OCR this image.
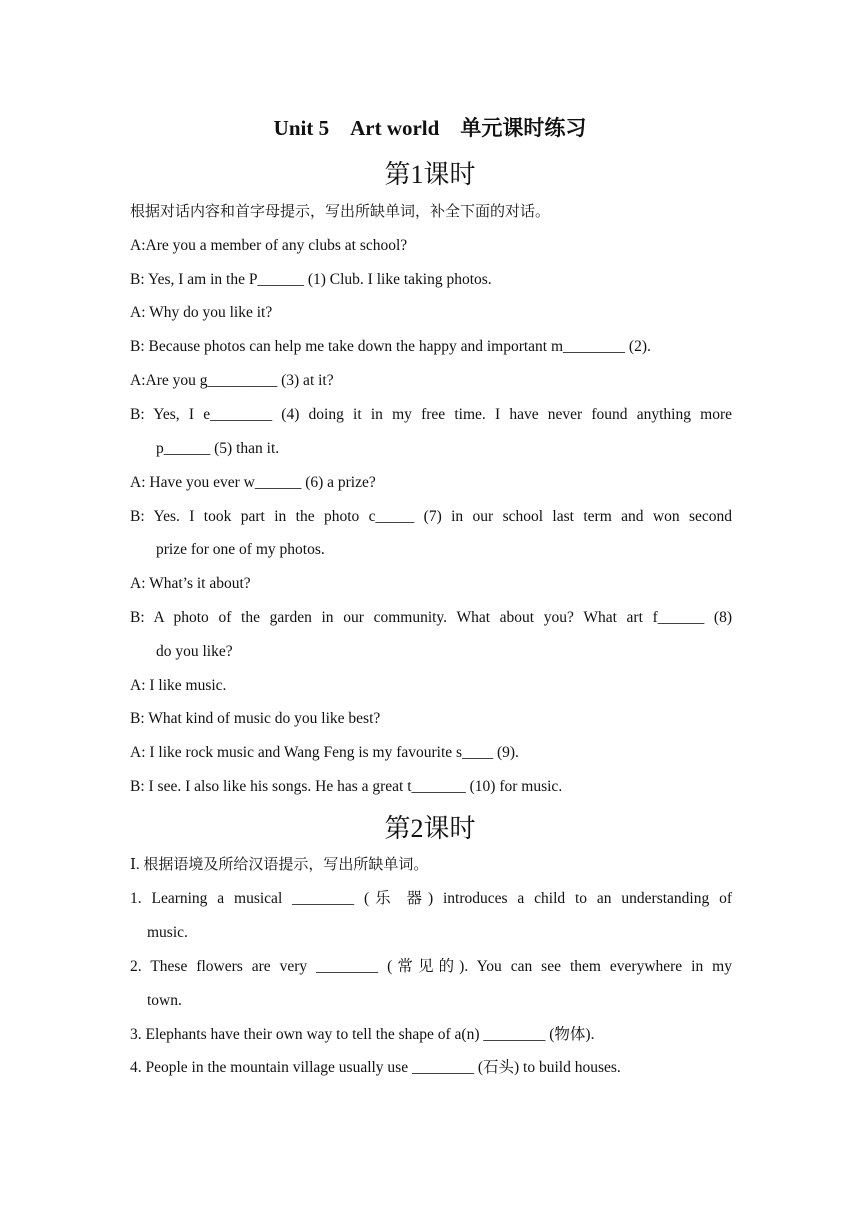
Unit 5 Art world 单元课时练习
第1课时
根据对话内容和首字母提示，写出所缺单词，补全下面的对话。
A:Are you a member of any clubs at school?
B: Yes, I am in the P______ (1) Club. I like taking photos.
A: Why do you like it?
B: Because photos can help me take down the happy and important m________ (2).
A:Are you g_________ (3) at it?
B: Yes, I e________ (4) doing it in my free time. I have never found anything more
p______ (5) than it.
A: Have you ever w______ (6) a prize?
B: Yes. I took part in the photo c_____ (7) in our school last term and won second
prize for one of my photos.
A: What’s it about?
B: A photo of the garden in our community. What about you? What art f______ (8)
do you like?
A: I like music.
B: What kind of music do you like best?
A: I like rock music and Wang Feng is my favourite s____ (9).
B: I see. I also like his songs. He has a great t_______ (10) for music.
第2课时
Ⅰ. 根据语境及所给汉语提示，写出所缺单词。
1. Learning a musical ________ (乐 器) introduces a child to an understanding of
music.
2. These flowers are very ________ (常见的). You can see them everywhere in my
town.
3. Elephants have their own way to tell the shape of a(n) ________ (物体).
4. People in the mountain village usually use ________ (石头) to build houses.
